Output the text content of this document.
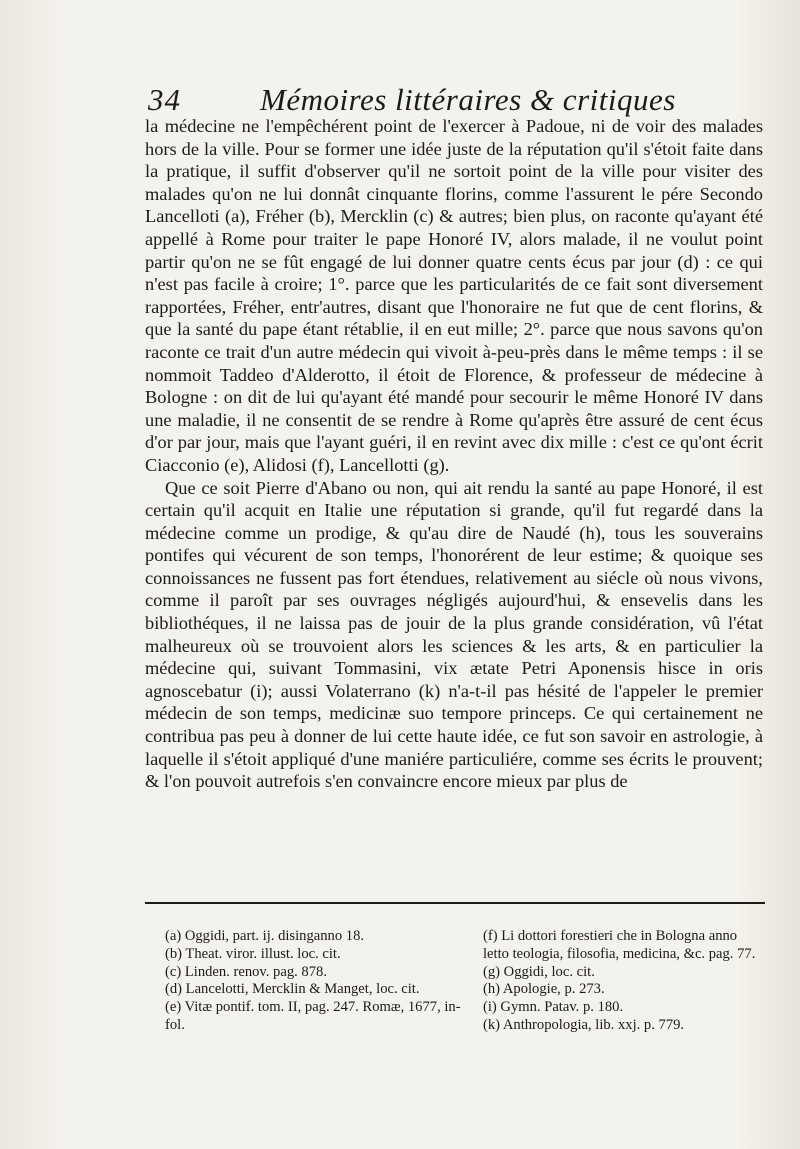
34	Mémoires littéraires & critiques

la médecine ne l'empêchérent point de l'exercer à Padoue, ni de voir des malades hors de la ville. Pour se former une idée juste de la réputation qu'il s'étoit faite dans la pratique, il suffit d'observer qu'il ne sortoit point de la ville pour visiter des malades qu'on ne lui donnât cinquante florins, comme l'assurent le pére Secondo Lancelloti (a), Fréher (b), Mercklin (c) & autres; bien plus, on raconte qu'ayant été appellé à Rome pour traiter le pape Honoré IV, alors malade, il ne voulut point partir qu'on ne se fût engagé de lui donner quatre cents écus par jour (d) : ce qui n'est pas facile à croire; 1°. parce que les particularités de ce fait sont diversement rapportées, Fréher, entr'autres, disant que l'honoraire ne fut que de cent florins, & que la santé du pape étant rétablie, il en eut mille; 2°. parce que nous savons qu'on raconte ce trait d'un autre médecin qui vivoit à-peu-près dans le même temps : il se nommoit Taddeo d'Alderotto, il étoit de Florence, & professeur de médecine à Bologne : on dit de lui qu'ayant été mandé pour secourir le même Honoré IV dans une maladie, il ne consentit de se rendre à Rome qu'après être assuré de cent écus d'or par jour, mais que l'ayant guéri, il en revint avec dix mille : c'est ce qu'ont écrit Ciacconio (e), Alidosi (f), Lancellotti (g).

Que ce soit Pierre d'Abano ou non, qui ait rendu la santé au pape Honoré, il est certain qu'il acquit en Italie une réputation si grande, qu'il fut regardé dans la médecine comme un prodige, & qu'au dire de Naudé (h), tous les souverains pontifes qui vécurent de son temps, l'honorérent de leur estime; & quoique ses connoissances ne fussent pas fort étendues, relativement au siécle où nous vivons, comme il paroît par ses ouvrages négligés aujourd'hui, & ensevelis dans les bibliothéques, il ne laissa pas de jouir de la plus grande considération, vû l'état malheureux où se trouvoient alors les sciences & les arts, & en particulier la médecine qui, suivant Tommasini, vix ætate Petri Aponensis hisce in oris agnoscebatur (i); aussi Volaterrano (k) n'a-t-il pas hésité de l'appeler le premier médecin de son temps, medicinæ suo tempore princeps. Ce qui certainement ne contribua pas peu à donner de lui cette haute idée, ce fut son savoir en astrologie, à laquelle il s'étoit appliqué d'une maniére particuliére, comme ses écrits le prouvent; & l'on pouvoit autrefois s'en convaincre encore mieux par plus de

(a) Oggidi, part. ij. disinganno 18.

(b) Theat. viror. illust. loc. cit.

(c) Linden. renov. pag. 878.

(d) Lancelotti, Mercklin & Manget, loc. cit.

(e) Vitæ pontif. tom. II, pag. 247. Romæ, 1677, in-fol.

(f) Li dottori forestieri che in Bologna anno letto teologia, filosofia, medicina, &c. pag. 77.

(g) Oggidi, loc. cit.

(h) Apologie, p. 273.

(i) Gymn. Patav. p. 180.

(k) Anthropologia, lib. xxj. p. 779.
